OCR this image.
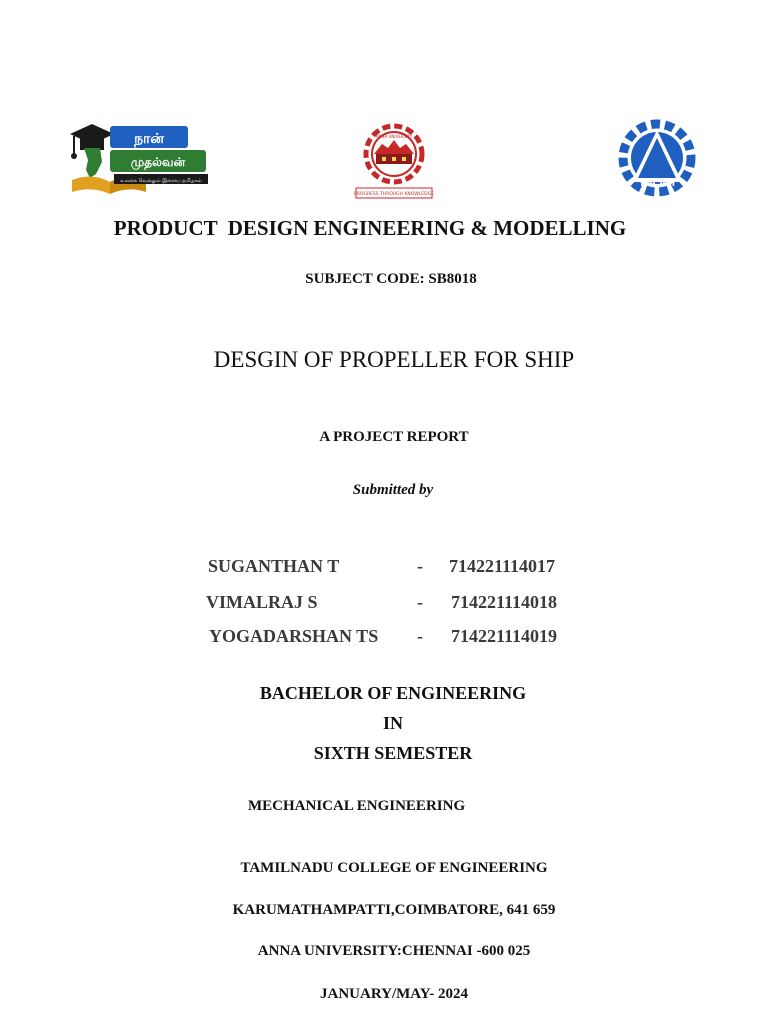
நான்
முதல்வன்
உலகை வெல்லும் இளைய தமிழகம்
ANNA UNIVERSITY
PROGRESS THROUGH KNOWLEDGE
TNCAM
PRODUCT  DESIGN ENGINEERING & MODELLING
SUBJECT CODE: SB8018
DESGIN OF PROPELLER FOR SHIP
A PROJECT REPORT
Submitted by
SUGANTHAN T	- 714221114017
VIMALRAJ S	- 714221114018
YOGADARSHAN TS - 714221114019
BACHELOR OF ENGINEERING
IN
SIXTH SEMESTER
MECHANICAL ENGINEERING
TAMILNADU COLLEGE OF ENGINEERING
KARUMATHAMPATTI,COIMBATORE, 641 659
ANNA UNIVERSITY:CHENNAI -600 025
JANUARY/MAY- 2024
